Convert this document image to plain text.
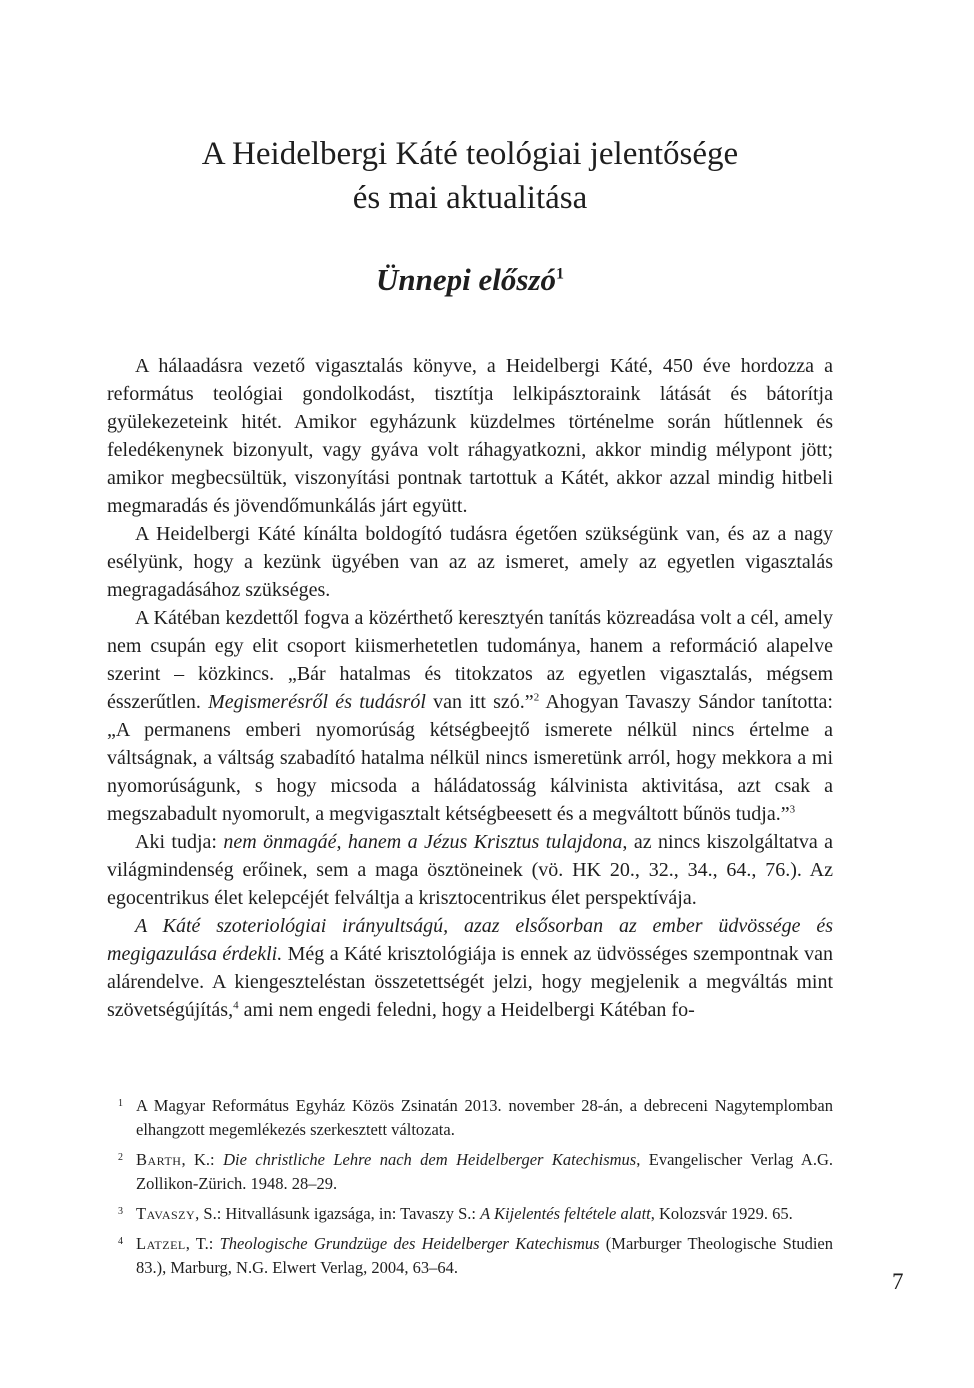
A Heidelbergi Káté teológiai jelentősége
és mai aktualitása
Ünnepi előszó$^1$

A hálaadásra vezető vigasztalás könyve, a Heidelbergi Káté, 450 éve hordozza a református teológiai gondolkodást, tisztítja lelkipásztoraink látását és bátorítja gyülekezeteink hitét. Amikor egyházunk küzdelmes történelme során hűtlennek és feledékenynek bizonyult, vagy gyáva volt ráhagyatkozni, akkor mindig mélypont jött; amikor megbecsültük, viszonyítási pontnak tartottuk a Kátét, akkor azzal mindig hitbeli megmaradás és jövendőmunkálás járt együtt.

A Heidelbergi Káté kínálta boldogító tudásra égetően szükségünk van, és az a nagy esélyünk, hogy a kezünk ügyében van az az ismeret, amely az egyetlen vigasztalás megragadásához szükséges.

A Kátéban kezdettől fogva a közérthető keresztyén tanítás közreadása volt a cél, amely nem csupán egy elit csoport kiismerhetetlen tudománya, hanem a reformáció alapelve szerint – közkincs. „Bár hatalmas és titokzatos az egyetlen vigasztalás, mégsem ésszerűtlen. Megismerésről és tudásról van itt szó.”$^2$ Ahogyan Tavaszy Sándor tanította: „A permanens emberi nyomorúság kétségbeejtő ismerete nélkül nincs értelme a váltságnak, a váltság szabadító hatalma nélkül nincs ismeretünk arról, hogy mekkora a mi nyomorúságunk, s hogy micsoda a háládatosság kálvinista aktivitása, azt csak a megszabadult nyomorult, a megvigasztalt kétségbeesett és a megváltott bűnös tudja.”$^3$

Aki tudja: nem önmagáé, hanem a Jézus Krisztus tulajdona, az nincs kiszolgáltatva a világmindenség erőinek, sem a maga ösztöneinek (vö. HK 20., 32., 34., 64., 76.). Az egocentrikus élet kelepcéjét felváltja a krisztocentrikus élet perspektívája.

A Káté szoteriológiai irányultságú, azaz elsősorban az ember üdvössége és megigazulása érdekli. Még a Káté krisztológiája is ennek az üdvösséges szempontnak van alárendelve. A kiengeszteléstan összetettségét jelzi, hogy megjelenik a megváltás mint szövetségújítás,$^4$ ami nem engedi feledni, hogy a Heidelbergi Kátéban fo-

1 A Magyar Református Egyház Közös Zsinatán 2013. november 28-án, a debreceni Nagytemplomban elhangzott megemlékezés szerkesztett változata.

2 Barth, K.: Die christliche Lehre nach dem Heidelberger Katechismus, Evangelischer Verlag A.G. Zollikon-Zürich. 1948. 28–29.

3 Tavaszy, S.: Hitvallásunk igazsága, in: Tavaszy S.: A Kijelentés feltétele alatt, Kolozsvár 1929. 65.

4 Latzel, T.: Theologische Grundzüge des Heidelberger Katechismus (Marburger Theologische Studien 83.), Marburg, N.G. Elwert Verlag, 2004, 63–64.

7
